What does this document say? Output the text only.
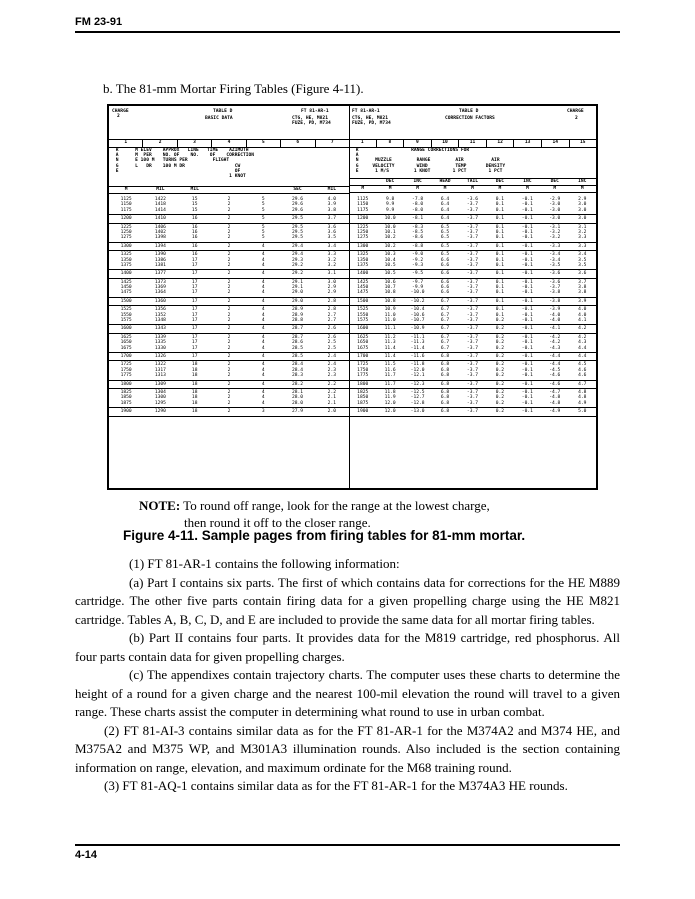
FM 23-91
b. The 81-mm Mortar Firing Tables (Figure 4-11).
CHARGE
2
TABLE D
BASIC DATA
FT 81-AR-1
CTG, HE, M821
FUZE, PD, M734
1	2	3	4	5	6	7
R      M ELEV    APPROX   LINE   TIME    AZIMUTH
A      M  PER    NO. OF    NO.    OF    CORRECTION
N      E 100 M   TURNS PER         FLIGHT
G      L   DR    100 M DR                  CW
E                                          OF
1 KNOT
M	MIL	MIL	SEC	MIL
1125	1422	15	2	5	29.6	4.0
1150	1418	15	2	5	29.6	3.9
1175	1414	15	2	5	29.6	3.8
1200	1410	16	2	5	29.5	3.7
1225	1406	16	2	5	29.5	3.6
1250	1402	16	2	5	29.5	3.6
1275	1398	16	2	5	29.5	3.5
1300	1394	16	2	4	29.4	3.4
1325	1390	16	2	4	29.4	3.3
1350	1386	17	2	4	29.3	3.2
1375	1381	17	2	4	29.2	3.2
1400	1377	17	2	4	29.2	3.1
1425	1373	17	2	4	29.1	3.0
1450	1369	17	2	4	29.1	2.9
1475	1364	17	2	4	29.0	2.9
1500	1360	17	2	4	29.0	2.8
1525	1356	17	2	4	28.9	2.8
1550	1352	17	2	4	28.9	2.7
1575	1348	17	2	4	28.8	2.7
1600	1343	17	2	4	28.7	2.6
1625	1339	17	2	4	28.7	2.6
1650	1335	17	2	4	28.6	2.5
1675	1330	17	2	4	28.5	2.5
1700	1326	17	2	4	28.5	2.4
1725	1322	18	2	4	28.4	2.4
1750	1317	18	2	4	28.4	2.3
1775	1313	18	2	4	28.3	2.3
1800	1309	18	2	4	28.2	2.2
1825	1304	18	2	4	28.1	2.2
1850	1300	18	2	4	28.0	2.1
1875	1295	18	2	4	28.0	2.1
1900	1290	18	2	3	27.9	2.0
FT 81-AR-1
CTG, HE, M821
FUZE, PD, M734
TABLE D
CORRECTION FACTORS
CHARGE
2
1	8	9	10	11	12	13	14	15
R                   RANGE CORRECTIONS FOR
A
N      MUZZLE         RANGE         AIR          AIR
G     VELOCITY        WIND          TEMP       DENSITY
E      1 M/S         1 KNOT        1 PCT        1 PCT
DEC	INC	HEAD	TAIL	DEC	INC	DEC	INC
M	M	M	M	M	M	M	M	M
1125	9.8	-7.8	6.4	-3.6	0.1	-0.1	-2.9	2.9
1150	9.9	-8.0	6.4	-3.7	0.1	-0.1	-3.0	3.0
1175	9.9	-8.0	6.4	-3.7	0.1	-0.1	-3.0	3.0
1200	10.0	-8.1	6.4	-3.7	0.1	-0.1	-3.0	3.0
1225	10.0	-8.3	6.5	-3.7	0.1	-0.1	-3.1	3.1
1250	10.1	-8.5	6.5	-3.7	0.1	-0.1	-3.2	3.2
1275	10.2	-8.6	6.5	-3.7	0.1	-0.1	-3.2	3.3
1300	10.2	-8.8	6.5	-3.7	0.1	-0.1	-3.3	3.3
1325	10.3	-9.0	6.5	-3.7	0.1	-0.1	-3.4	3.4
1350	10.4	-9.2	6.6	-3.7	0.1	-0.1	-3.4	3.5
1375	10.5	-9.3	6.6	-3.7	0.1	-0.1	-3.5	3.5
1400	10.5	-9.5	6.6	-3.7	0.1	-0.1	-3.6	3.6
1425	10.6	-9.7	6.6	-3.7	0.1	-0.1	-3.6	3.7
1450	10.7	-9.9	6.6	-3.7	0.1	-0.1	-3.7	3.8
1475	10.8	-10.0	6.6	-3.7	0.1	-0.1	-3.8	3.8
1500	10.8	-10.2	6.7	-3.7	0.1	-0.1	-3.8	3.9
1525	10.9	-10.4	6.7	-3.7	0.1	-0.1	-3.9	4.0
1550	11.0	-10.6	6.7	-3.7	0.1	-0.1	-4.0	4.0
1575	11.0	-10.7	6.7	-3.7	0.2	-0.1	-4.0	4.1
1600	11.1	-10.9	6.7	-3.7	0.2	-0.1	-4.1	4.2
1625	11.2	-11.1	6.7	-3.7	0.2	-0.1	-4.2	4.2
1650	11.3	-11.3	6.7	-3.7	0.2	-0.1	-4.2	4.3
1675	11.4	-11.4	6.7	-3.7	0.2	-0.1	-4.3	4.4
1700	11.4	-11.6	6.8	-3.7	0.2	-0.1	-4.4	4.4
1725	11.5	-11.8	6.8	-3.7	0.2	-0.1	-4.4	4.5
1750	11.6	-12.0	6.8	-3.7	0.2	-0.1	-4.5	4.6
1775	11.7	-12.1	6.8	-3.7	0.2	-0.1	-4.6	4.6
1800	11.7	-12.3	6.8	-3.7	0.2	-0.1	-4.6	4.7
1825	11.8	-12.5	6.8	-3.7	0.2	-0.1	-4.7	4.8
1850	11.9	-12.7	6.8	-3.7	0.2	-0.1	-4.8	4.8
1875	12.0	-12.8	6.8	-3.7	0.2	-0.1	-4.8	4.9
1900	12.0	-13.0	6.8	-3.7	0.2	-0.1	-4.9	5.0
NOTE: To round off range, look for the range at the lowest charge,
then round it off to the closer range.
Figure 4-11. Sample pages from firing tables for 81-mm mortar.

(1) FT 81-AR-1 contains the following information:

(a) Part I contains six parts. The first of which contains data for corrections for the HE M889 cartridge. The other five parts contain firing data for a given propelling charge using the HE M821 cartridge. Tables A, B, C, D, and E are included to provide the same data for all mortar firing tables.

(b) Part II contains four parts. It provides data for the M819 cartridge, red phosphorus. All four parts contain data for given propelling charges.

(c) The appendixes contain trajectory charts. The computer uses these charts to determine the height of a round for a given charge and the nearest 100-mil elevation the round will travel to a given range. These charts assist the computer in determining what round to use in urban combat.

(2) FT 81-AI-3 contains similar data as for the FT 81-AR-1 for the M374A2 and M374 HE, and M375A2 and M375 WP, and M301A3 illumination rounds. Also included is the section containing information on range, elevation, and maximum ordinate for the M68 training round.

(3) FT 81-AQ-1 contains similar data as for the FT 81-AR-1 for the M374A3 HE rounds.

4-14
